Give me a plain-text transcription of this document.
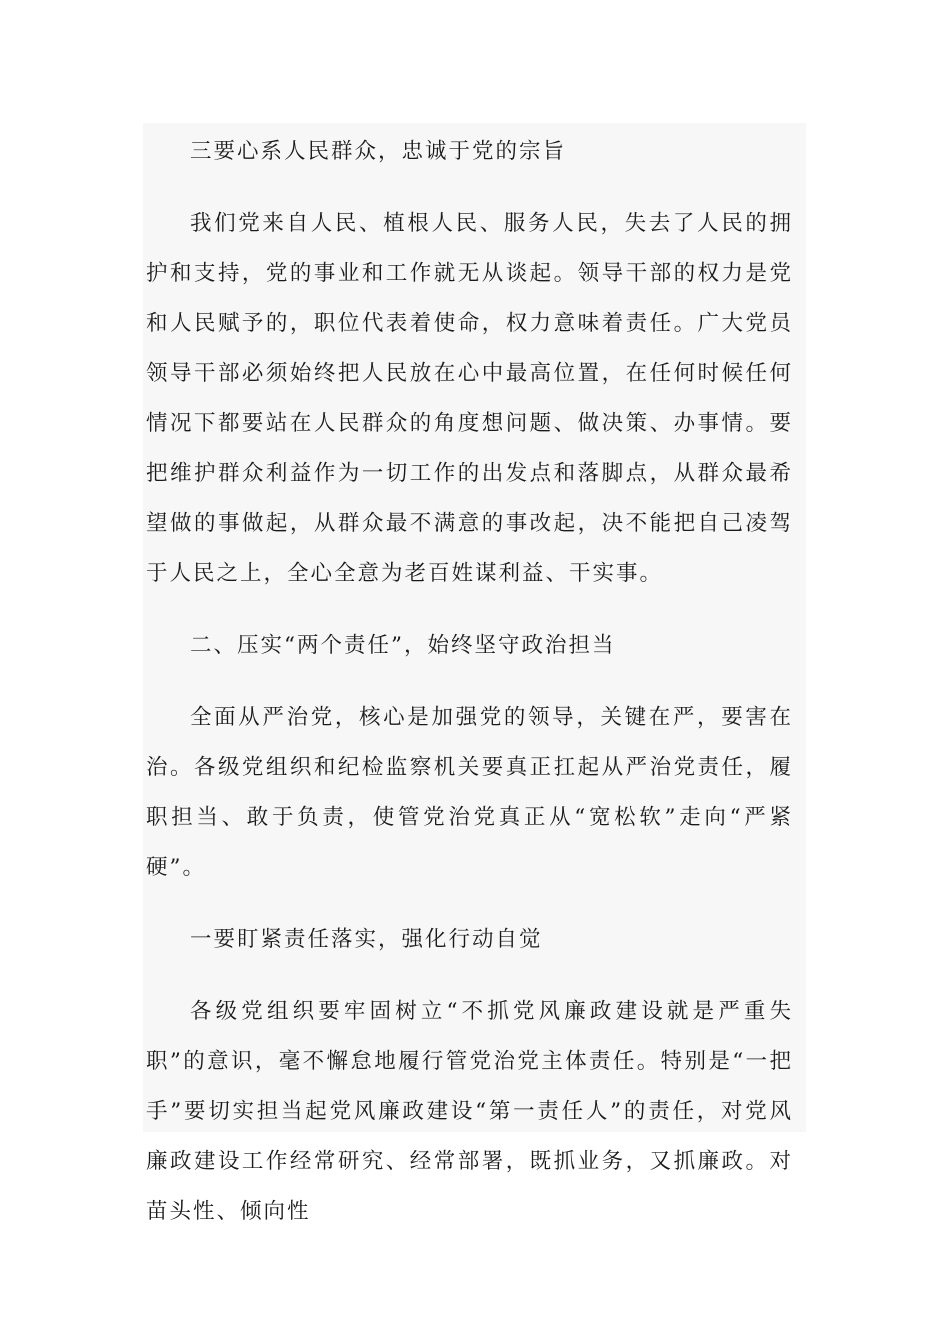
三要心系人民群众，忠诚于党的宗旨

我们党来自人民、植根人民、服务人民，失去了人民的拥护和支持，党的事业和工作就无从谈起。领导干部的权力是党和人民赋予的，职位代表着使命，权力意味着责任。广大党员领导干部必须始终把人民放在心中最高位置，在任何时候任何情况下都要站在人民群众的角度想问题、做决策、办事情。要把维护群众利益作为一切工作的出发点和落脚点，从群众最希望做的事做起，从群众最不满意的事改起，决不能把自己凌驾于人民之上，全心全意为老百姓谋利益、干实事。

二、压实“两个责任”，始终坚守政治担当

全面从严治党，核心是加强党的领导，关键在严，要害在治。各级党组织和纪检监察机关要真正扛起从严治党责任，履职担当、敢于负责，使管党治党真正从“宽松软”走向“严紧硬”。

一要盯紧责任落实，强化行动自觉

各级党组织要牢固树立“不抓党风廉政建设就是严重失职”的意识，毫不懈怠地履行管党治党主体责任。特别是“一把手”要切实担当起党风廉政建设“第一责任人”的责任，对党风廉政建设工作经常研究、经常部署，既抓业务，又抓廉政。对苗头性、倾向性
